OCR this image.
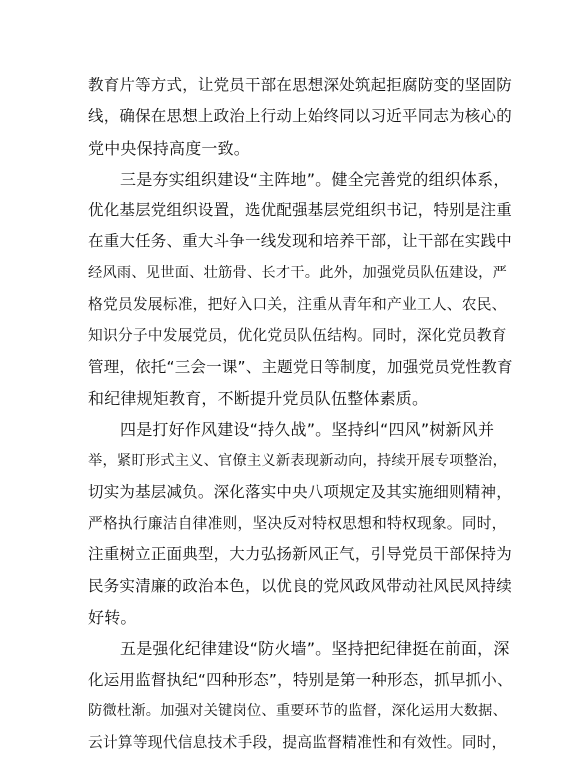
教育片等方式，让党员干部在思想深处筑起拒腐防变的坚固防
线，确保在思想上政治上行动上始终同以习近平同志为核心的
党中央保持高度一致。

三是夯实组织建设“主阵地”。健全完善党的组织体系，
优化基层党组织设置，选优配强基层党组织书记，特别是注重
在重大任务、重大斗争一线发现和培养干部，让干部在实践中
经风雨、见世面、壮筋骨、长才干。此外，加强党员队伍建设，严
格党员发展标准，把好入口关，注重从青年和产业工人、农民、
知识分子中发展党员，优化党员队伍结构。同时，深化党员教育
管理，依托“三会一课”、主题党日等制度，加强党员党性教育
和纪律规矩教育，不断提升党员队伍整体素质。

四是打好作风建设“持久战”。坚持纠“四风”树新风并
举，紧盯形式主义、官僚主义新表现新动向，持续开展专项整治，
切实为基层减负。深化落实中央八项规定及其实施细则精神，
严格执行廉洁自律准则，坚决反对特权思想和特权现象。同时，
注重树立正面典型，大力弘扬新风正气，引导党员干部保持为
民务实清廉的政治本色，以优良的党风政风带动社风民风持续
好转。

五是强化纪律建设“防火墙”。坚持把纪律挺在前面，深
化运用监督执纪“四种形态”，特别是第一种形态，抓早抓小、
防微杜渐。加强对关键岗位、重要环节的监督，深化运用大数据、
云计算等现代信息技术手段，提高监督精准性和有效性。同时，
